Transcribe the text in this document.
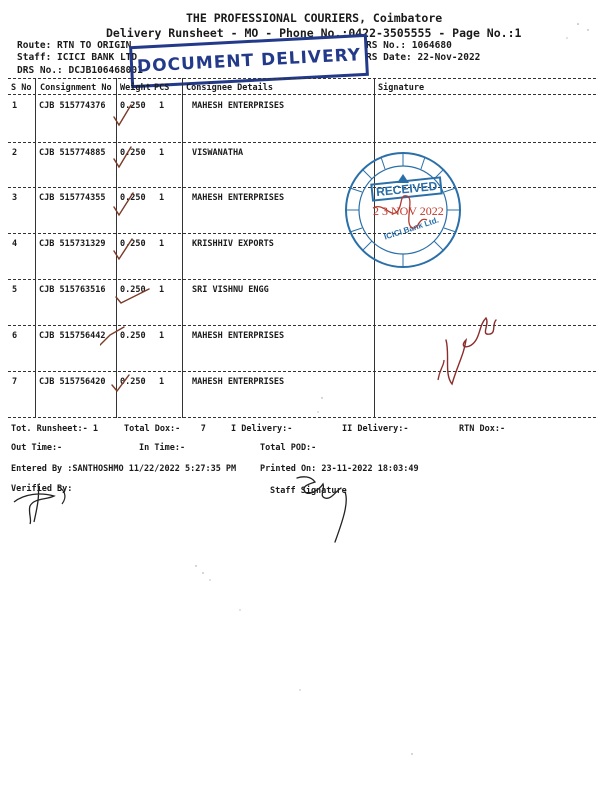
THE PROFESSIONAL COURIERS, Coimbatore
Delivery Runsheet - MO - Phone No.:0422-3505555 - Page No.:1
Route: RTN TO ORIGIN
Staff: ICICI BANK LTD
DRS No.: DCJB106468001
RS No.: 1064680
RS Date: 22-Nov-2022
DOCUMENT DELIVERY
S No Consignment No Weight PCS Consignee Details	Signature
1	CJB 515774376 0.250 1	MAHESH ENTERPRISES
2	CJB 515774885 0.250 1	VISWANATHA
3	CJB 515774355 0.250 1	MAHESH ENTERPRISES
4	CJB 515731329 0.250 1	KRISHHIV EXPORTS
5	CJB 515763516 0.250 1	SRI VISHNU ENGG
6	CJB 515756442 0.250 1	MAHESH ENTERPRISES
7	CJB 515756420 0.250 1	MAHESH ENTERPRISES
RECEIVED
2 3 NOV 2022
ICICI Bank Ltd.
Tot. Runsheet:- 1	Total Dox:-    7	I Delivery:-	II Delivery:-	RTN Dox:-
Out Time:-	In Time:-	Total POD:-
Entered By :SANTHOSHMO 11/22/2022 5:27:35 PM	Printed On: 23-11-2022 18:03:49
Verified By:	Staff Signature
